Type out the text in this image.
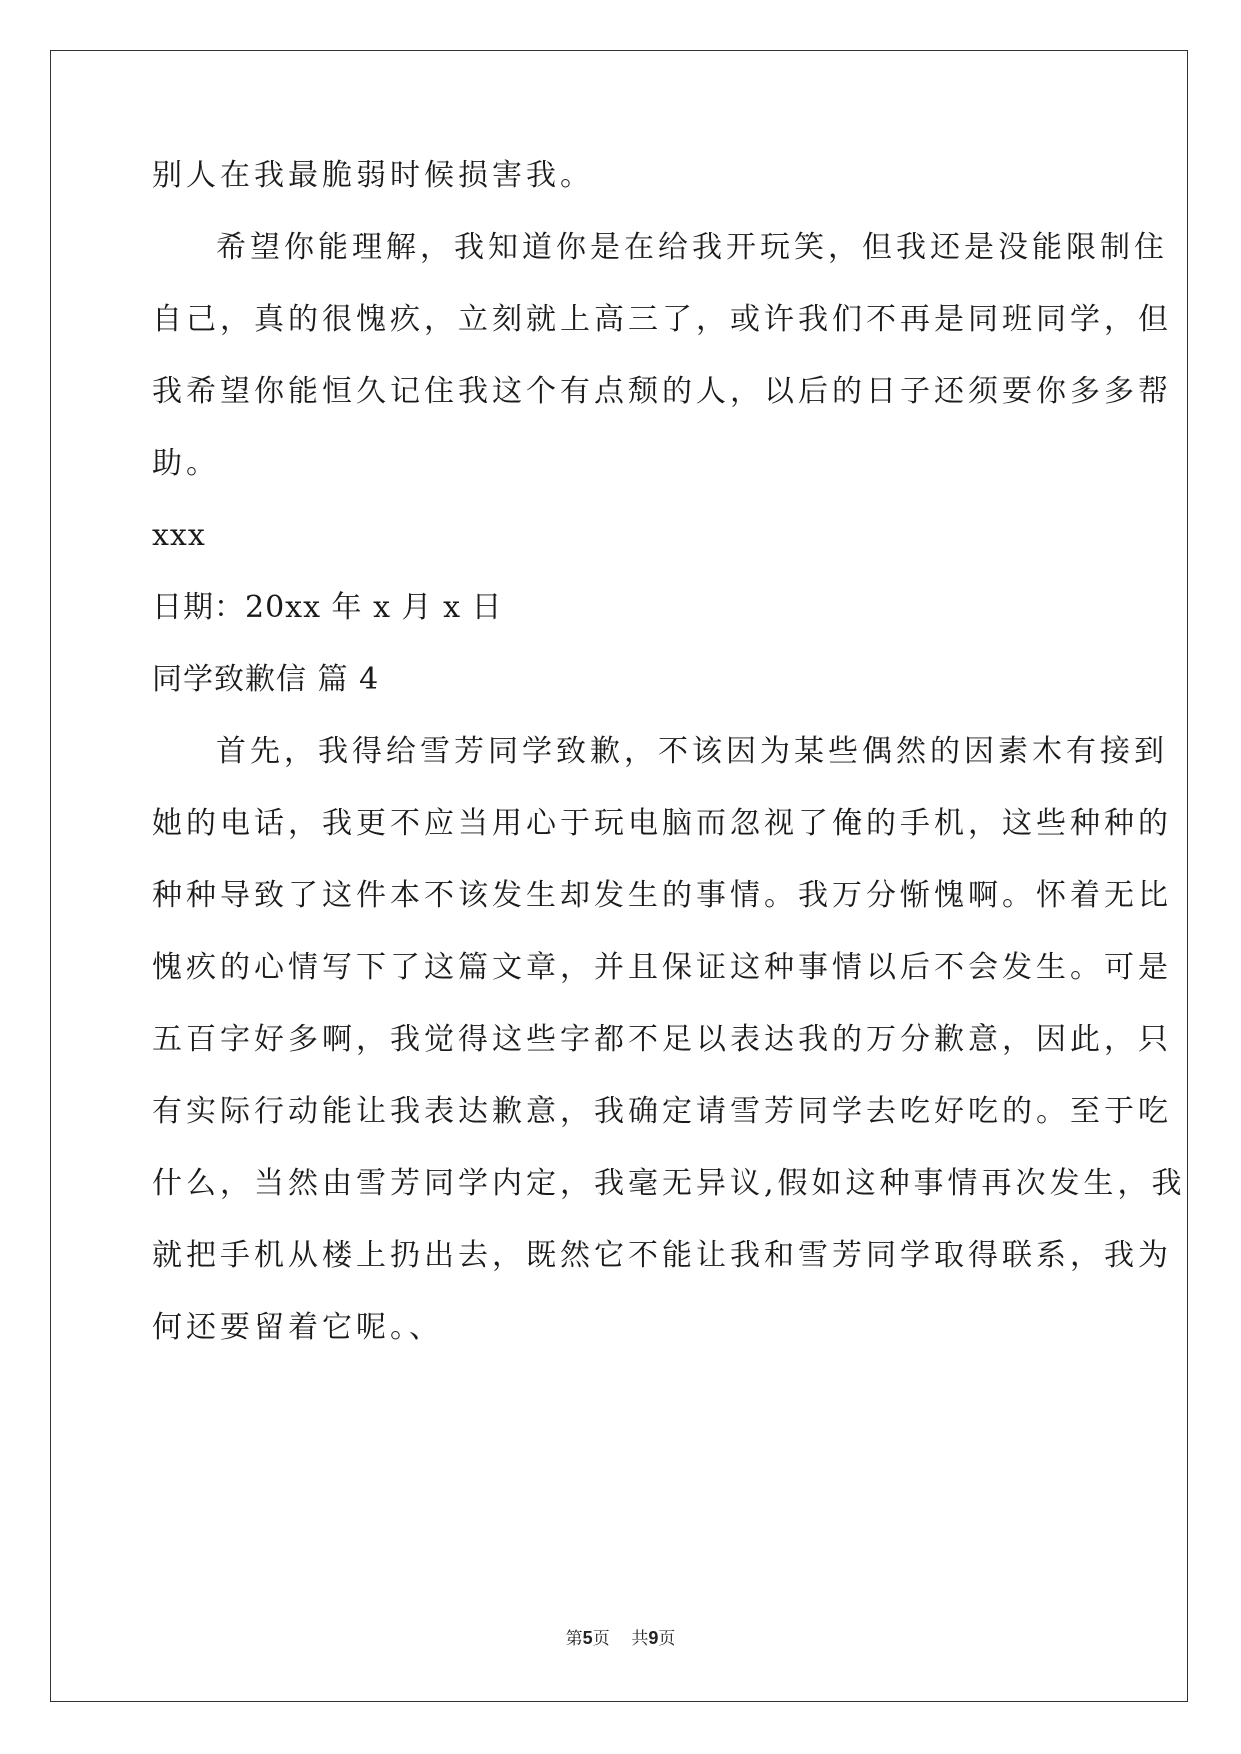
别人在我最脆弱时候损害我。
希望你能理解，我知道你是在给我开玩笑，但我还是没能限制住
自己，真的很愧疚，立刻就上高三了，或许我们不再是同班同学，但
我希望你能恒久记住我这个有点颓的人，以后的日子还须要你多多帮
助。
xxx
日期：20xx 年 x 月 x 日
同学致歉信 篇 4
首先，我得给雪芳同学致歉，不该因为某些偶然的因素木有接到
她的电话，我更不应当用心于玩电脑而忽视了俺的手机，这些种种的
种种导致了这件本不该发生却发生的事情。我万分惭愧啊。怀着无比
愧疚的心情写下了这篇文章，并且保证这种事情以后不会发生。可是
五百字好多啊，我觉得这些字都不足以表达我的万分歉意，因此，只
有实际行动能让我表达歉意，我确定请雪芳同学去吃好吃的。至于吃
什么，当然由雪芳同学内定，我毫无异议,假如这种事情再次发生，我
就把手机从楼上扔出去，既然它不能让我和雪芳同学取得联系，我为
何还要留着它呢。、
第5页 共9页
